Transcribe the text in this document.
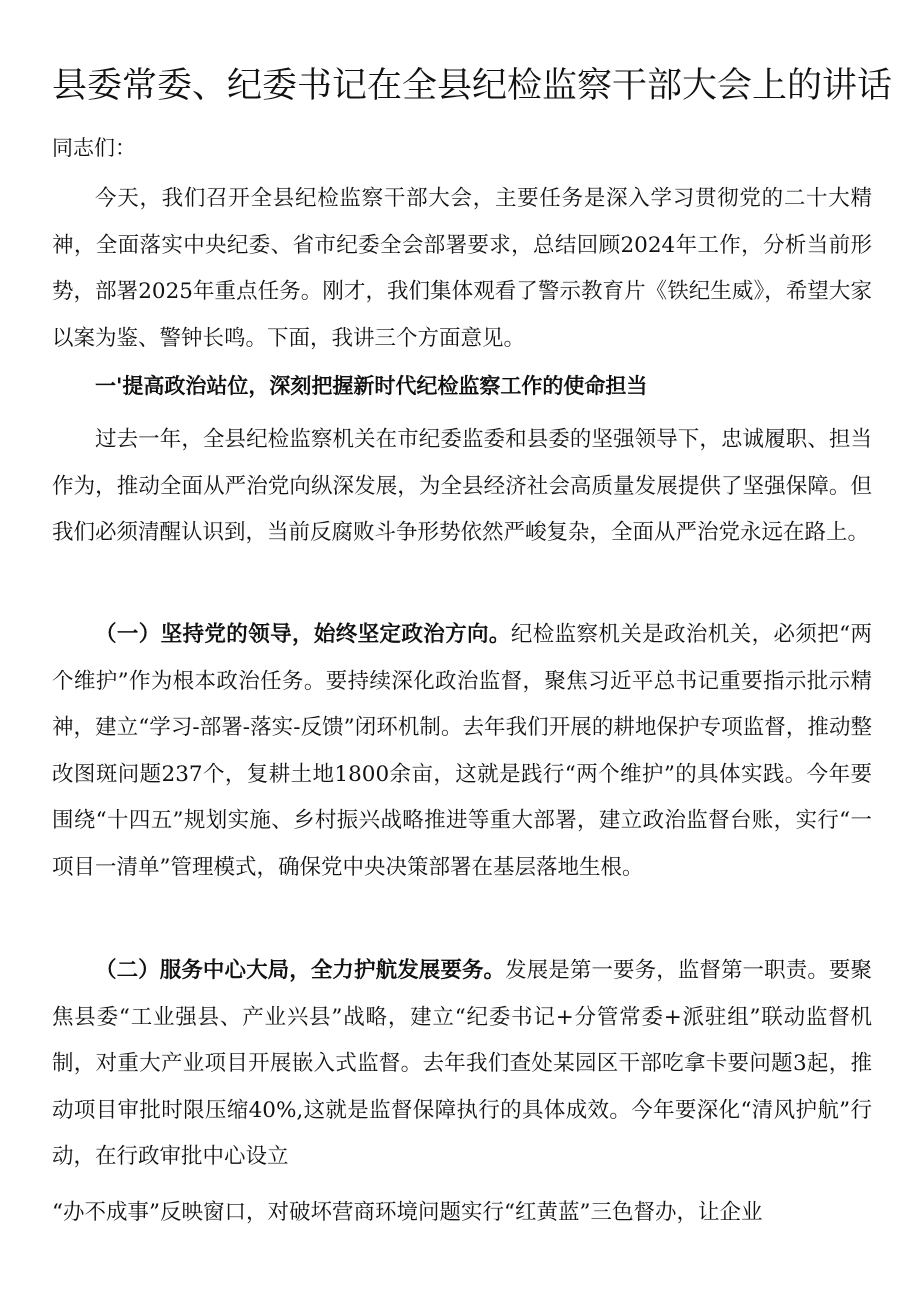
县委常委、纪委书记在全县纪检监察干部大会上的讲话
同志们：

今天，我们召开全县纪检监察干部大会，主要任务是深入学习贯彻党的二十大精神，全面落实中央纪委、省市纪委全会部署要求，总结回顾2024年工作，分析当前形势，部署2025年重点任务。刚才，我们集体观看了警示教育片《铁纪生威》，希望大家以案为鉴、警钟长鸣。下面，我讲三个方面意见。

一'提高政治站位，深刻把握新时代纪检监察工作的使命担当

过去一年，全县纪检监察机关在市纪委监委和县委的坚强领导下，忠诚履职、担当作为，推动全面从严治党向纵深发展，为全县经济社会高质量发展提供了坚强保障。但我们必须清醒认识到，当前反腐败斗争形势依然严峻复杂，全面从严治党永远在路上。

（一）坚持党的领导，始终坚定政治方向。纪检监察机关是政治机关，必须把“两个维护”作为根本政治任务。要持续深化政治监督，聚焦习近平总书记重要指示批示精神，建立“学习-部署-落实-反馈”闭环机制。去年我们开展的耕地保护专项监督，推动整改图斑问题237个，复耕土地1800余亩，这就是践行“两个维护”的具体实践。今年要围绕“十四五”规划实施、乡村振兴战略推进等重大部署，建立政治监督台账，实行“一项目一清单”管理模式，确保党中央决策部署在基层落地生根。

（二）服务中心大局，全力护航发展要务。发展是第一要务，监督第一职责。要聚焦县委“工业强县、产业兴县”战略，建立“纪委书记+分管常委+派驻组”联动监督机制，对重大产业项目开展嵌入式监督。去年我们查处某园区干部吃拿卡要问题3起，推动项目审批时限压缩40%,这就是监督保障执行的具体成效。今年要深化“清风护航”行动，在行政审批中心设立

“办不成事”反映窗口，对破坏营商环境问题实行“红黄蓝”三色督办，让企业
